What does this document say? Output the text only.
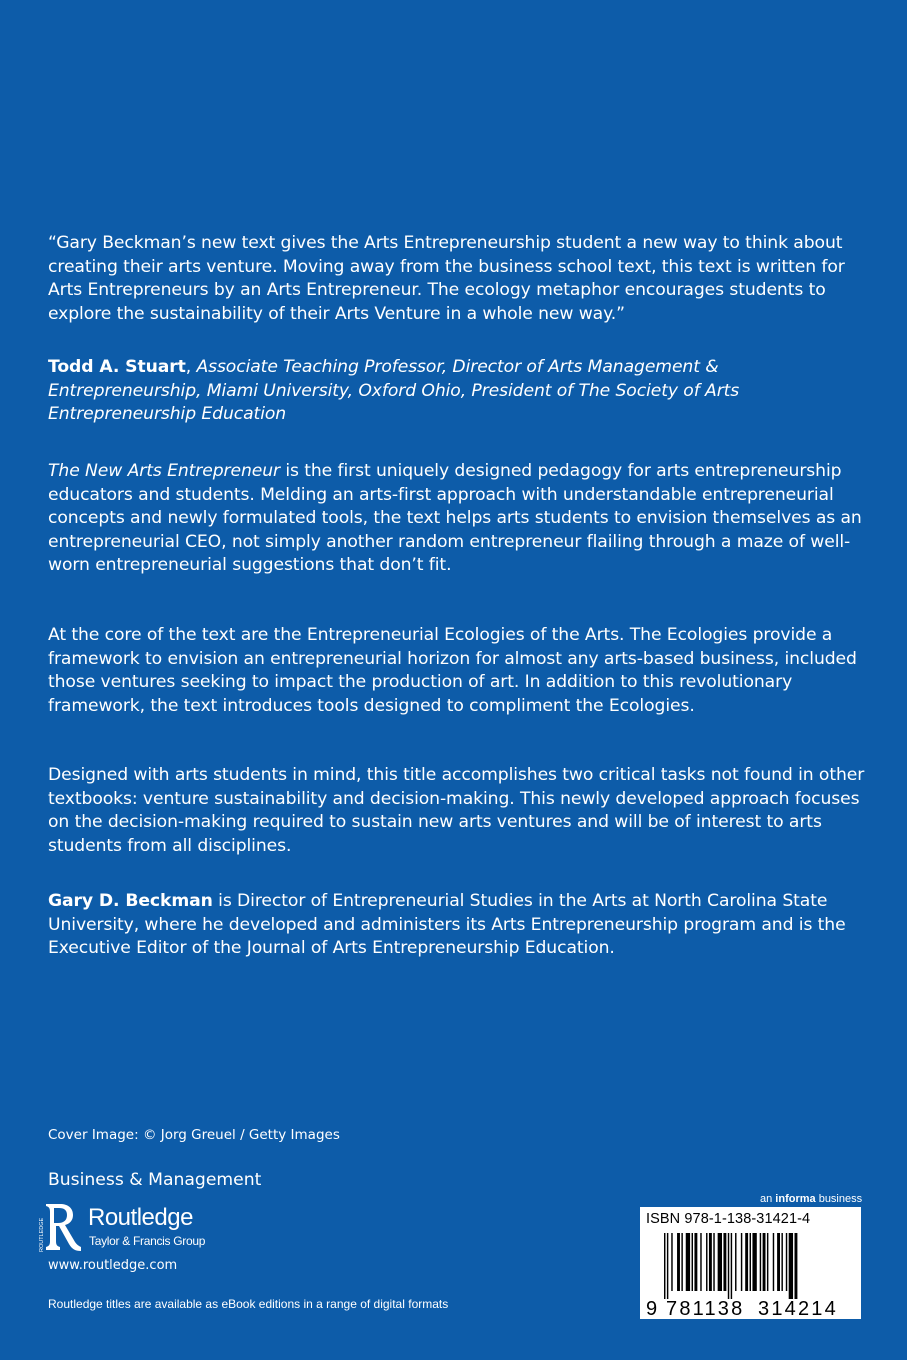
“Gary Beckman’s new text gives the Arts Entrepreneurship student a new way to think about creating their arts venture. Moving away from the business school text, this text is written for Arts Entrepreneurs by an Arts Entrepreneur. The ecology metaphor encourages students to explore the sustainability of their Arts Venture in a whole new way.”

Todd A. Stuart, Associate Teaching Professor, Director of Arts Management & Entrepreneurship, Miami University, Oxford Ohio, President of The Society of Arts Entrepreneurship Education

The New Arts Entrepreneur is the first uniquely designed pedagogy for arts entrepreneurship educators and students. Melding an arts-first approach with understandable entrepreneurial concepts and newly formulated tools, the text helps arts students to envision themselves as an entrepreneurial CEO, not simply another random entrepreneur flailing through a maze of well-worn entrepreneurial suggestions that don’t fit.

At the core of the text are the Entrepreneurial Ecologies of the Arts. The Ecologies provide a framework to envision an entrepreneurial horizon for almost any arts-based business, included those ventures seeking to impact the production of art. In addition to this revolutionary framework, the text introduces tools designed to compliment the Ecologies.

Designed with arts students in mind, this title accomplishes two critical tasks not found in other textbooks: venture sustainability and decision-making. This newly developed approach focuses on the decision-making required to sustain new arts ventures and will be of interest to arts students from all disciplines.

Gary D. Beckman is Director of Entrepreneurial Studies in the Arts at North Carolina State University, where he developed and administers its Arts Entrepreneurship program and is the Executive Editor of the Journal of Arts Entrepreneurship Education.

Cover Image: © Jorg Greuel / Getty Images
Business & Management
ROUTLEDGE
Routledge
Taylor & Francis Group
www.routledge.com
Routledge titles are available as eBook editions in a range of digital formats
an informa business
ISBN 978-1-138-31421-4
9 781138 314214
